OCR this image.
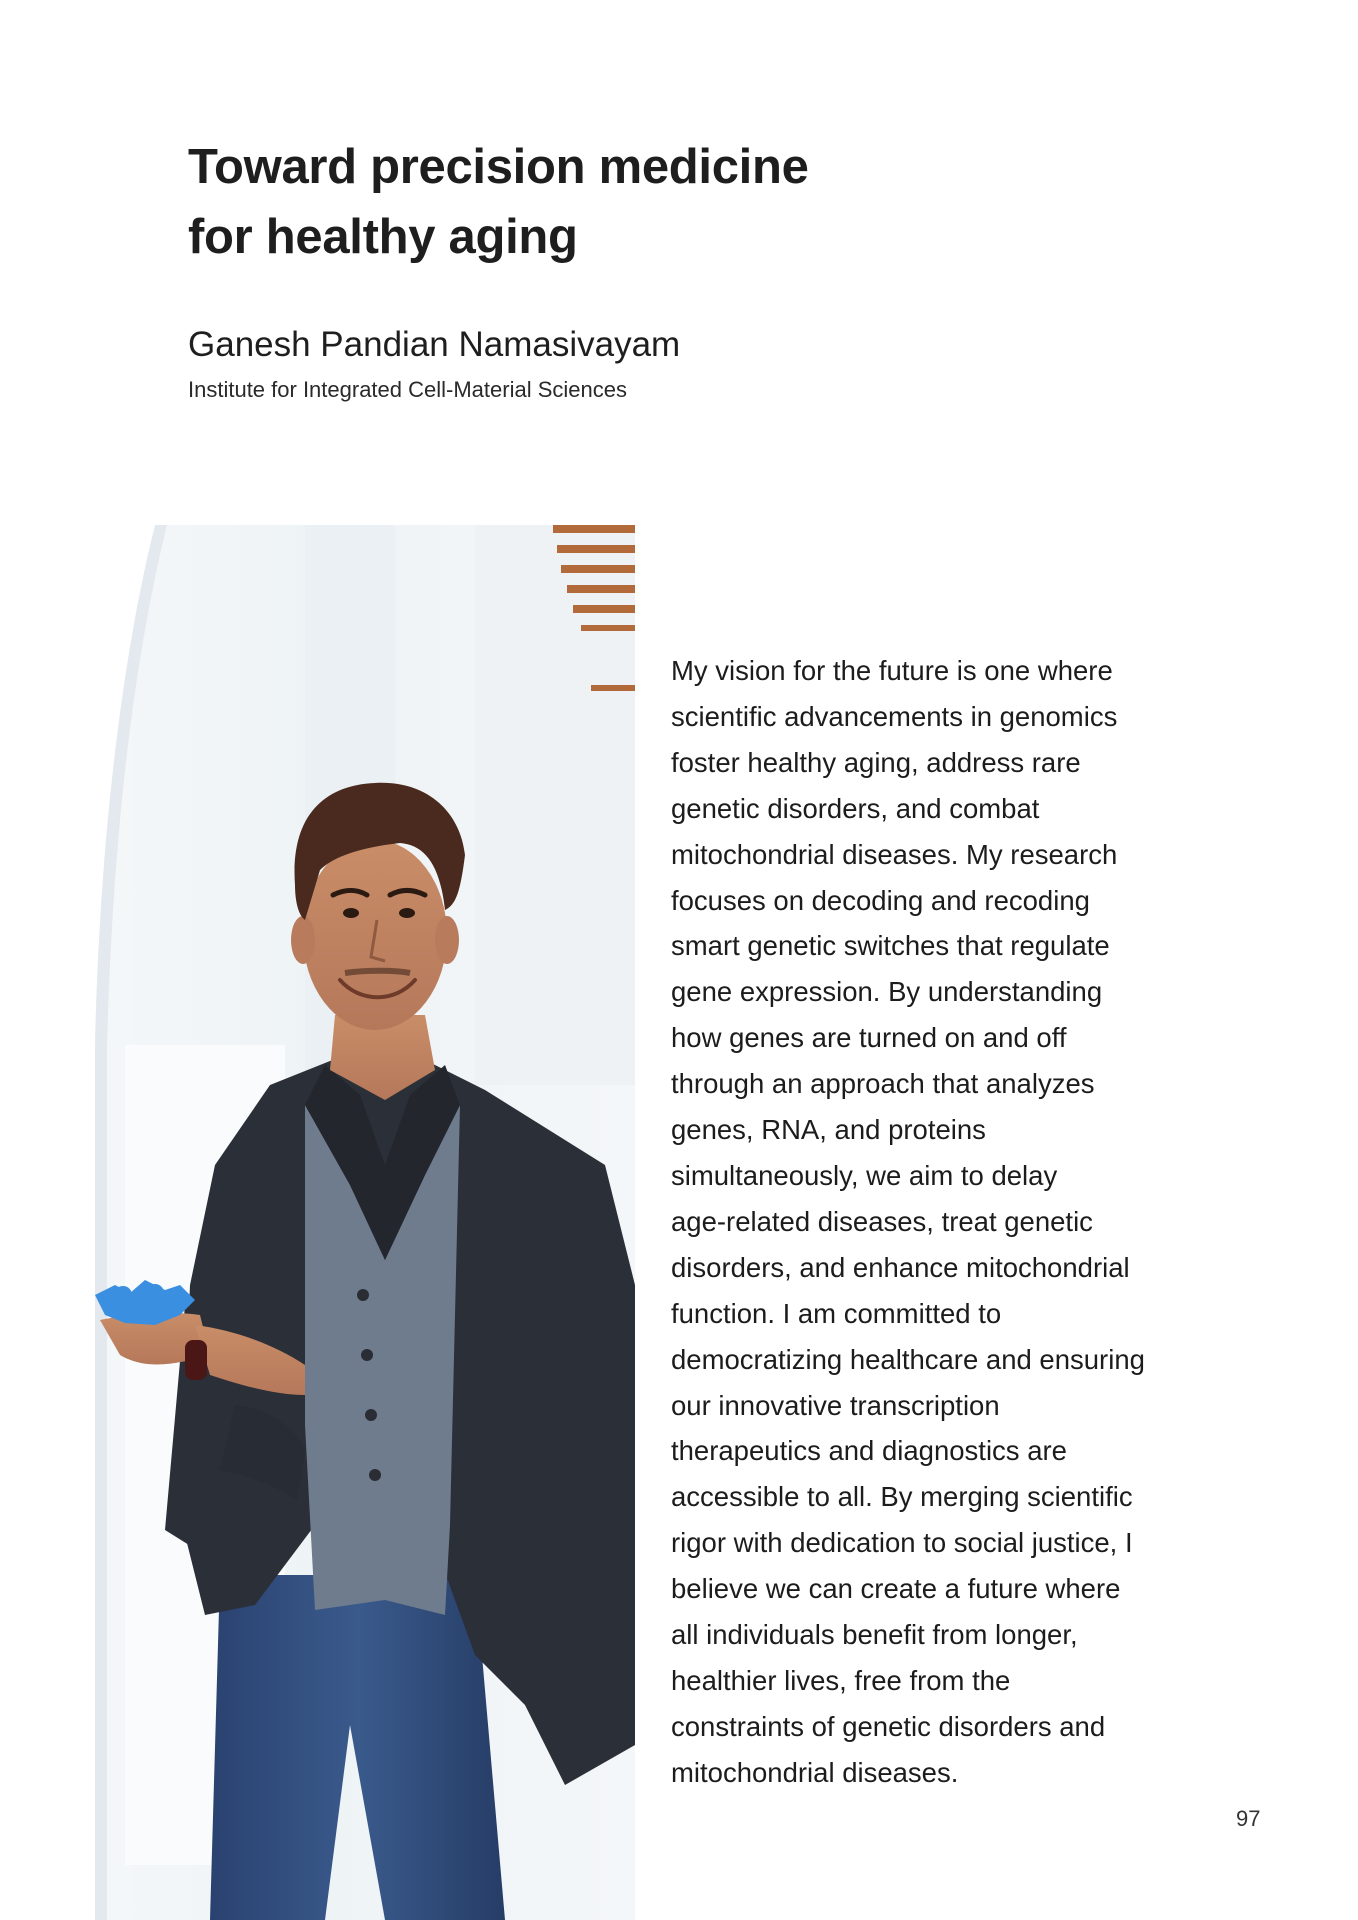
Toward precision medicine
for healthy aging
Ganesh Pandian Namasivayam

Institute for Integrated Cell-Material Sciences

My vision for the future is one where
scientific advancements in genomics
foster healthy aging, address rare
genetic disorders, and combat
mitochondrial diseases. My research
focuses on decoding and recoding
smart genetic switches that regulate
gene expression. By understanding
how genes are turned on and off
through an approach that analyzes
genes, RNA, and proteins
simultaneously, we aim to delay
age-related diseases, treat genetic
disorders, and enhance mitochondrial
function. I am committed to
democratizing healthcare and ensuring
our innovative transcription
therapeutics and diagnostics are
accessible to all. By merging scientific
rigor with dedication to social justice, I
believe we can create a future where
all individuals benefit from longer,
healthier lives, free from the
constraints of genetic disorders and
mitochondrial diseases.
97
